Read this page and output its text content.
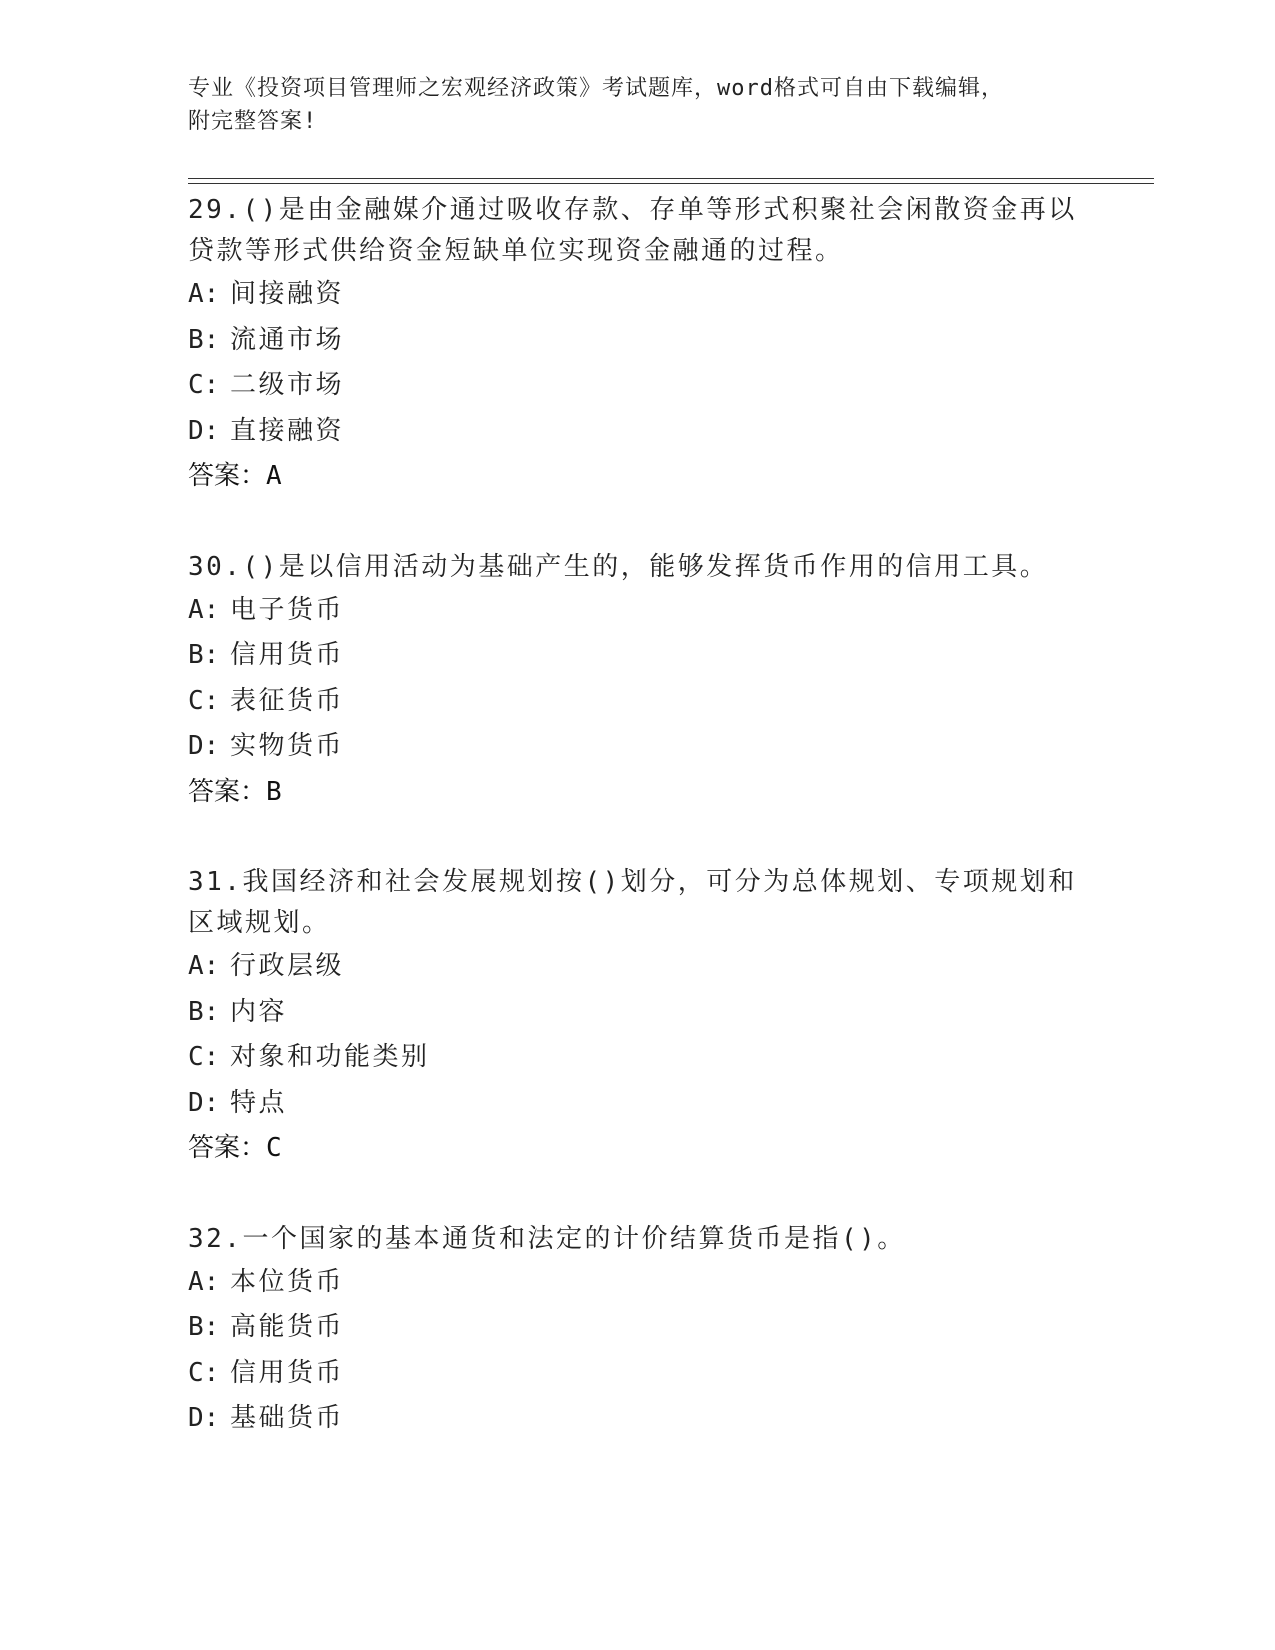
专业《投资项目管理师之宏观经济政策》考试题库，word格式可自由下载编辑，
附完整答案!

29.()是由金融媒介通过吸收存款、存单等形式积聚社会闲散资金再以贷款等形式供给资金短缺单位实现资金融通的过程。

A: 间接融资

B: 流通市场

C: 二级市场

D: 直接融资

答案：A

30.()是以信用活动为基础产生的，能够发挥货币作用的信用工具。

A: 电子货币

B: 信用货币

C: 表征货币

D: 实物货币

答案：B

31.我国经济和社会发展规划按()划分，可分为总体规划、专项规划和区域规划。

A: 行政层级

B: 内容

C: 对象和功能类别

D: 特点

答案：C

32.一个国家的基本通货和法定的计价结算货币是指()。

A: 本位货币

B: 高能货币

C: 信用货币

D: 基础货币
